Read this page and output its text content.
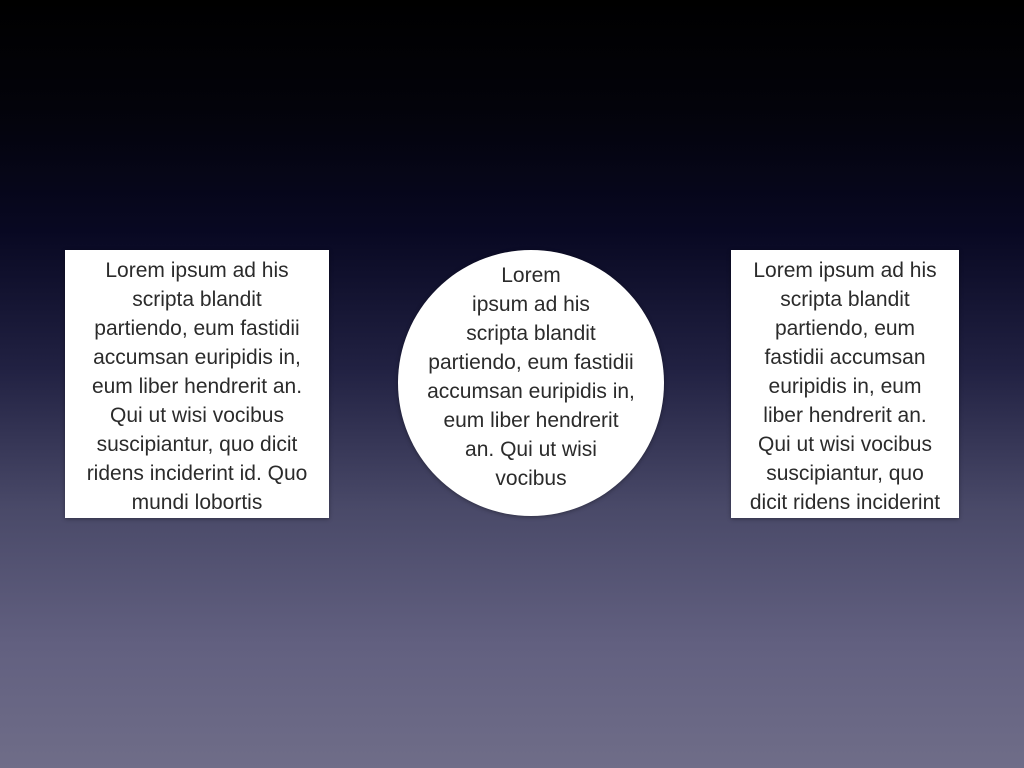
Lorem ipsum ad his
scripta blandit
partiendo, eum fastidii
accumsan euripidis in,
eum liber hendrerit an.
Qui ut wisi vocibus
suscipiantur, quo dicit
ridens inciderint id. Quo
mundi lobortis
Lorem
ipsum ad his
scripta blandit
partiendo, eum fastidii
accumsan euripidis in,
eum liber hendrerit
an. Qui ut wisi
vocibus
Lorem ipsum ad his
scripta blandit
partiendo, eum
fastidii accumsan
euripidis in, eum
liber hendrerit an.
Qui ut wisi vocibus
suscipiantur, quo
dicit ridens inciderint
